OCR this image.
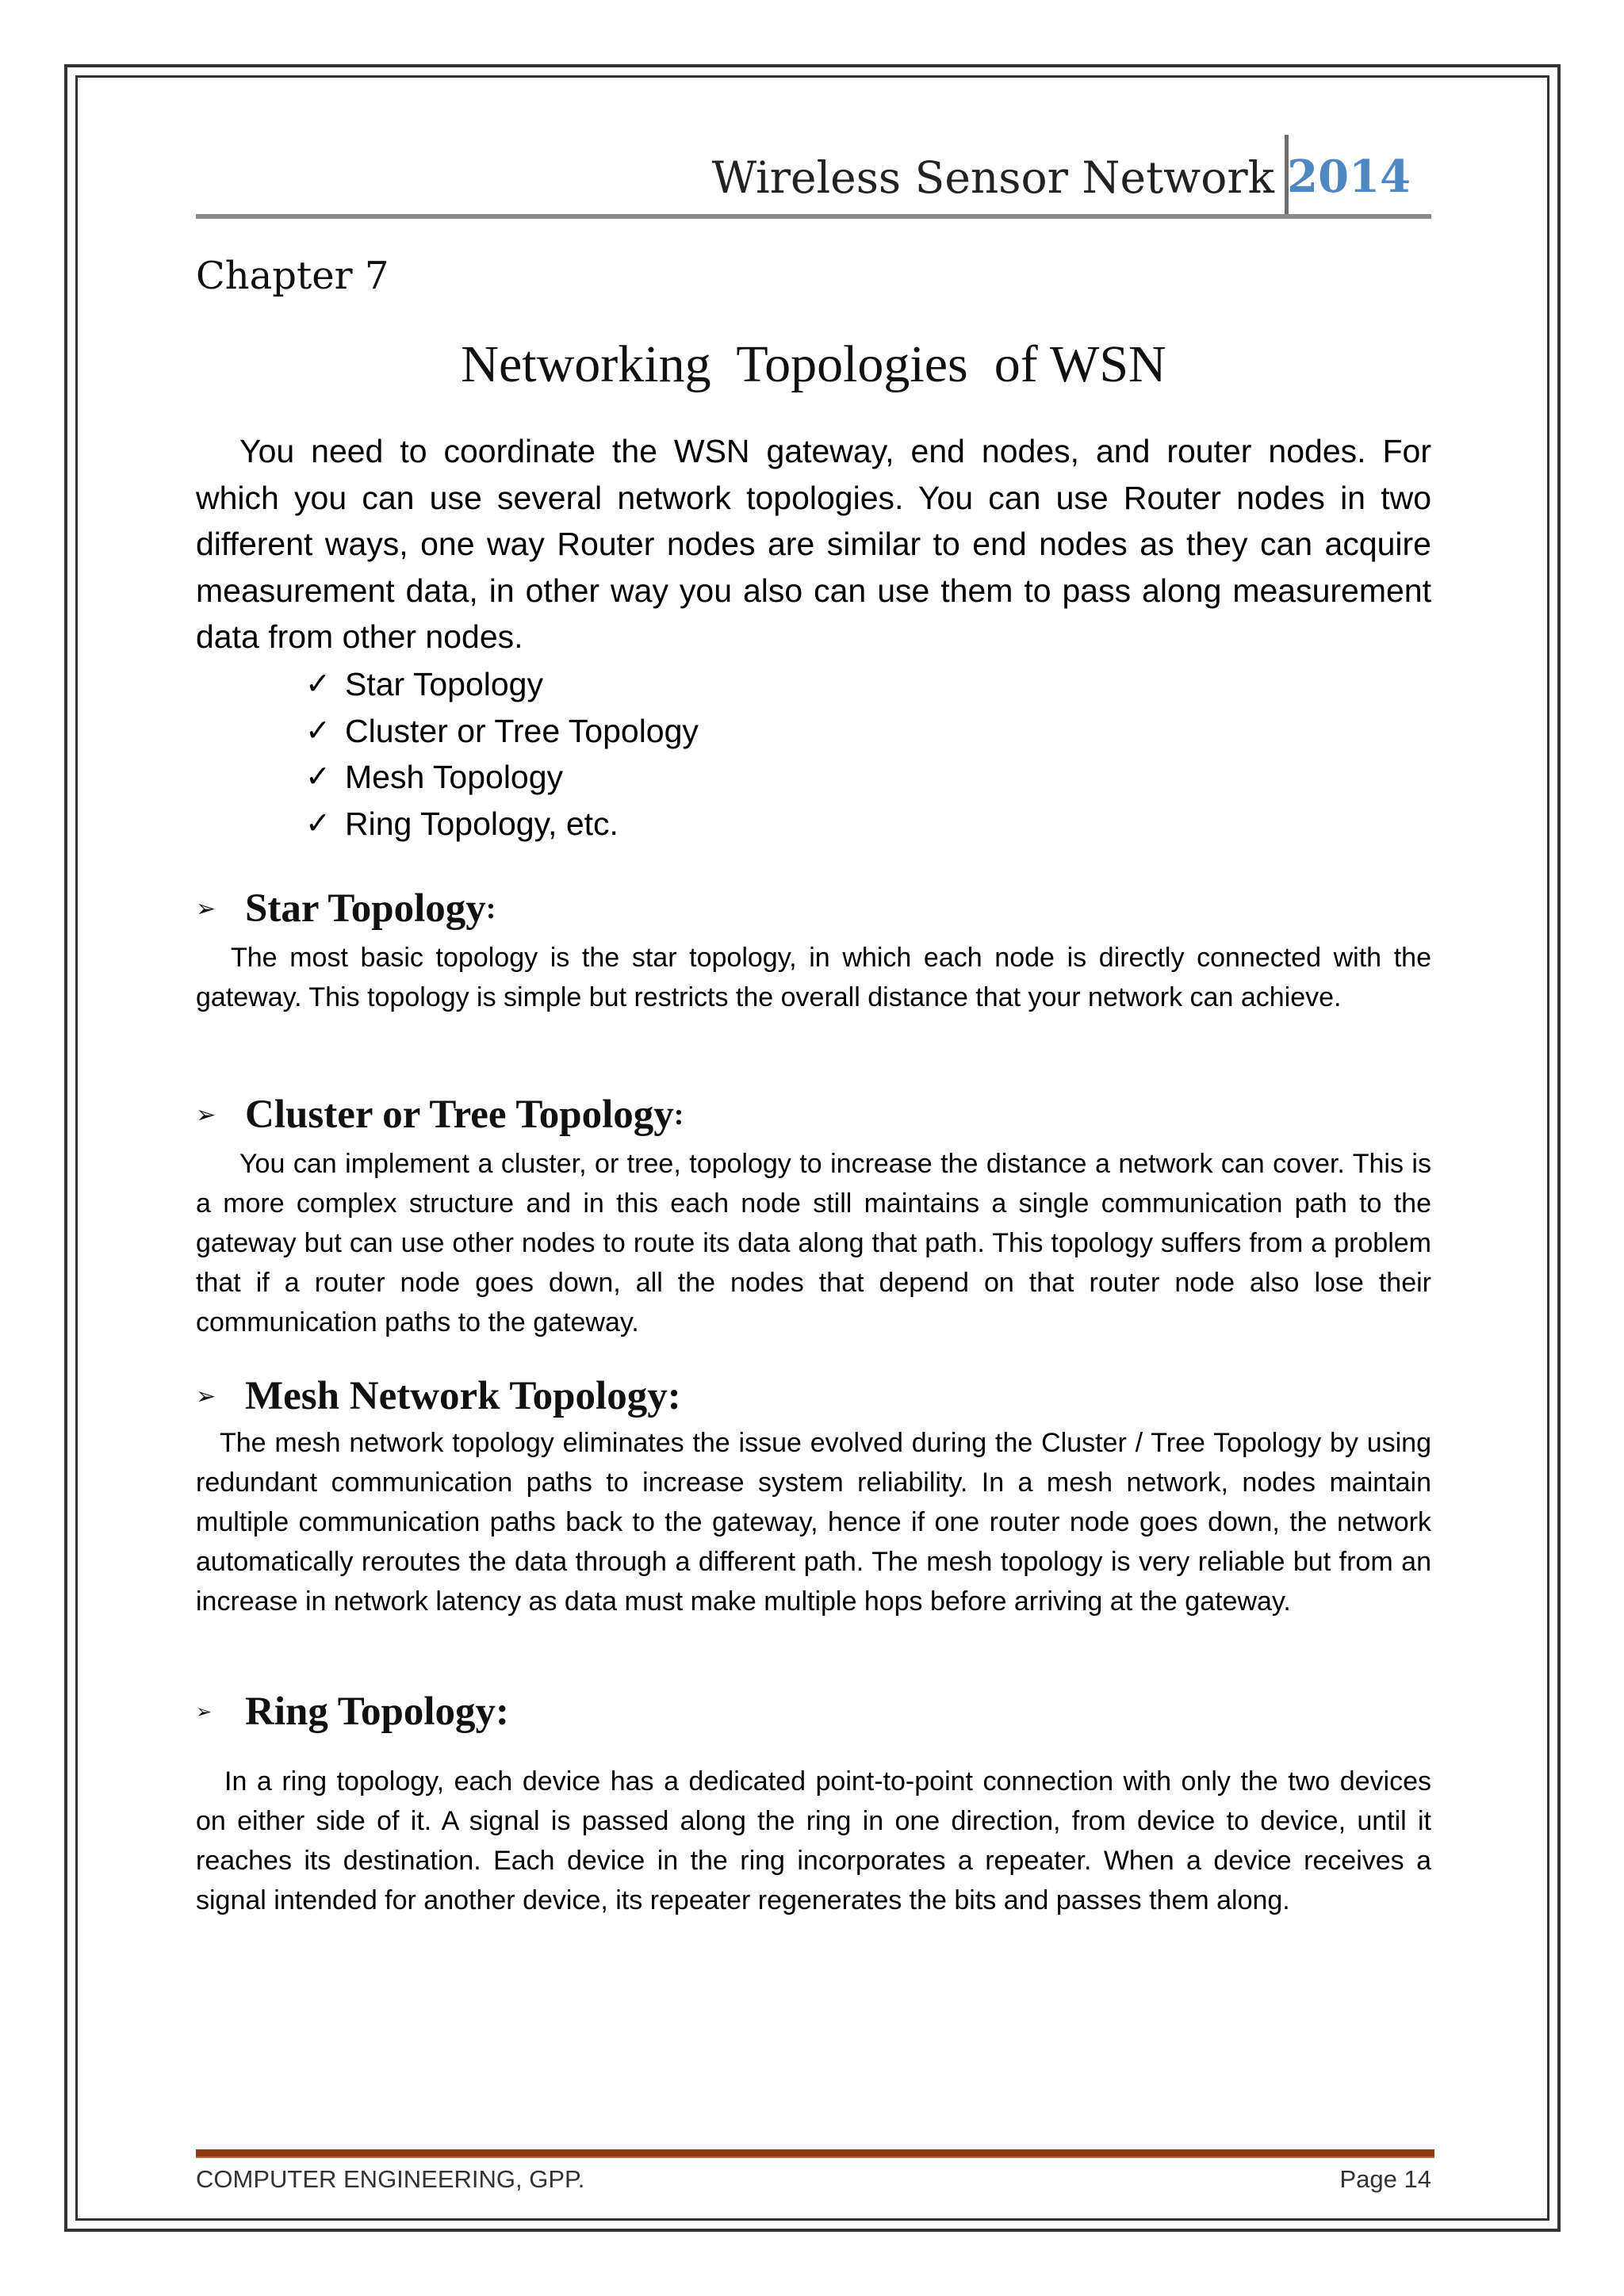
Wireless Sensor Network 2014
Chapter 7
Networking  Topologies  of WSN

You need to coordinate the WSN gateway, end nodes, and router nodes. For which you can use several network topologies. You can use Router nodes in two different ways, one way Router nodes are similar to end nodes as they can acquire measurement data, in other way you also can use them to pass along measurement data from other nodes.

✓ Star Topology
✓ Cluster or Tree Topology
✓ Mesh Topology
✓ Ring Topology, etc.
➢ Star Topology :

The most basic topology is the star topology, in which each node is directly connected with the gateway. This topology is simple but restricts the overall distance that your network can achieve.

➢ Cluster or Tree Topology :

You can implement a cluster, or tree, topology to increase the distance a network can cover. This is a more complex structure and in this each node still maintains a single communication path to the gateway but can use other nodes to route its data along that path. This topology suffers from a problem that if a router node goes down, all the nodes that depend on that router node also lose their communication paths to the gateway.

➢ Mesh Network Topology:

The mesh network topology eliminates the issue evolved during the Cluster / Tree Topology by using redundant communication paths to increase system reliability. In a mesh network, nodes maintain multiple communication paths back to the gateway, hence if one router node goes down, the network automatically reroutes the data through a different path. The mesh topology is very reliable but from an increase in network latency as data must make multiple hops before arriving at the gateway.

➢ Ring Topology:

In a ring topology, each device has a dedicated point-to-point connection with only the two devices on either side of it. A signal is passed along the ring in one direction, from device to device, until it reaches its destination. Each device in the ring incorporates a repeater. When a device receives a signal intended for another device, its repeater regenerates the bits and passes them along.

COMPUTER ENGINEERING, GPP.	Page 14
